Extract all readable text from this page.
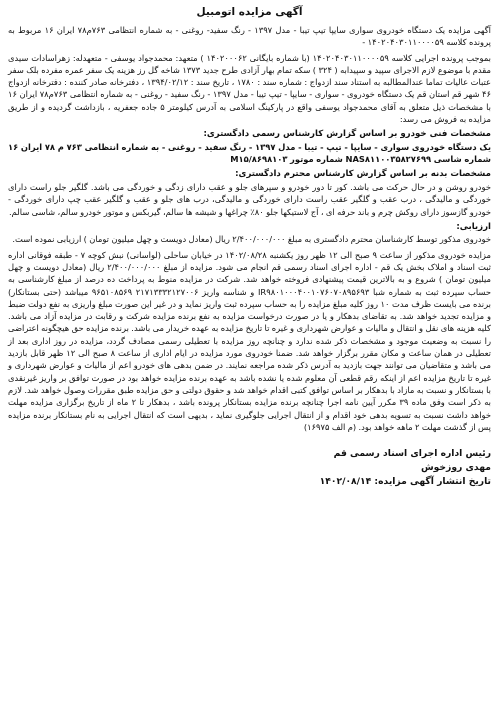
آگهی مزایده اتومبیل

آگهی مزایده یک دستگاه خودروی سواری سایپا تیپ تیبا - مدل ۱۳۹۷ - رنگ سفید- روغنی - به شماره انتظامی ۷۶۳م۷۸ ایران ۱۶ مربوط به پرونده کلاسه ۱۴۰۲۰۴۰۳۰۱۱۰۰۰۰۵۹ -

بموجب پرونده اجرایی کلاسه ۱۴۰۲۰۴۰۳۰۱۱۰۰۰۰۵۹ (با شماره بایگانی ۱۴۰۲۰۰۰۶۲ ) متعهد: محمدجواد یوسفی - متعهدله: زهراسادات سیدی مقدم با موضوع لازم الاجرای سپید و سپیدابه ( ۳۲۴ ) سکه تمام بهار آزادی طرح جدید ۱۳۷۳ شاخه گل رز هزینه یک سفر عمره مفرده بلک سفر عتبات عالیات تماما عندالمطالبه به استناد سند ازدواج : شماره سند : ۱۷۸۰ ، تاریخ سند : ۱۳۹۴/۰۲/۱۲ ، دفترخانه صادر کننده : دفترخانه ازدواج ۴۶ شهر قم استان قم یک دستگاه خودروی - سواری - سایپا - تیپ تیبا - مدل ۱۳۹۷ - رنگ سفید - روغنی - به شماره انتظامی ۷۶۳م۷۸ ایران ۱۶ با مشخصات ذیل متعلق به آقای محمدجواد یوسفی واقع در پارکینگ اسلامی به آدرس کیلومتر ۵ جاده جعفریه ، بازداشت گردیده و از طریق مزایده به فروش می رسد:

مشخصات فنی خودرو بر اساس گزارش کارشناس رسمی دادگستری:

یک دستگاه خودروی سواری - سایپا - تیپ - تیبا - مدل ۱۳۹۷ - رنگ سفید - روغنی - به شماره انتظامی ۷۶۳ م ۷۸ ایران ۱۶ شماره شاسی NAS۸۱۱۰۰۳۵۸۲۷۶۹۹ شماره موتور M۱۵/۸۶۹۸۱۰۳

مشخصات بدنه بر اساس گزارش کارشناس محترم دادگستری:

خودرو روشن و در حال حرکت می باشد. کور تا دور خودرو و سپرهای جلو و عقب دارای زدگی و خوردگی می باشد. گلگیر جلو راست دارای خوردگی و مالیدگی ، درب عقب و گلگیر عقب راست دارای خوردگی و مالیدگی، درب های جلو و عقب و گلگیر عقب چپ دارای خوردگی - خودرو گازسوز دارای روکش چرم و باند حرفه ای ، آج لاستیکها جلو ۸۰٪ چراغها و شیشه ها سالم، گیربکس و موتور خودرو سالم، شاسی سالم.

ارزیابی:

خودروی مذکور توسط کارشناسان محترم دادگستری به مبلغ ۲/۴۰۰/۰۰۰/۰۰۰ ریال (معادل دویست و چهل میلیون تومان ) ارزیابی نموده است.

مزایده خودروی مذکور از ساعت ۹ صبح الی ۱۲ ظهر روز یکشنبه ۱۴۰۲/۰۸/۲۸ در خیابان ساحلی (لواسانی) نبش کوچه ۷ - طبقه فوقانی اداره ثبت اسناد و املاک بخش یک قم - اداره اجرای اسناد رسمی قم انجام می شود. مزایده از مبلغ ۲/۴۰۰/۰۰۰/۰۰۰ ریال (معادل دویست و چهل میلیون تومان ) شروع و به بالاترین قیمت پیشنهادی فروخته خواهد شد. شرکت در مزایده منوط به پرداخت ده درصد از مبلغ کارشناسی به حساب سپرده ثبت به شماره شبا IR۹۸۰۱۰۰۰۴۰۰۱۰۷۶۰۷۰۸۹۵۶۹۳ و شناسه واریز ۲۱۷۱۳۳۳۲۱۲۷۰۰۶ ۹۶۵۱۰۸۵۶۹ میباشد (حتی بستانکار) برنده می بایست ظرف مدت ۱۰ روز کلیه مبلغ مزایده را به حساب سپرده ثبت واریز نماید و در غیر این صورت مبلغ واریزی به نفع دولت ضبط و مزایده تجدید خواهد شد. به تقاضای بدهکار و یا در صورت درخواست مزایده به نفع برنده مزایده شرکت و رقابت در مزایده آزاد می باشد. کلیه هزینه های نقل و انتقال و مالیات و عوارض شهرداری و غیره تا تاریخ مزایده به عهده خریدار می باشد. برنده مزایده حق هیچگونه اعتراضی را نسبت به وضعیت موجود و مشخصات ذکر شده ندارد و چنانچه روز مزایده با تعطیلی رسمی مصادف گردد، مزایده در روز اداری بعد از تعطیلی در همان ساعت و مکان مقرر برگزار خواهد شد. ضمنا خودروی مورد مزایده در ایام اداری از ساعت ۸ صبح الی ۱۲ ظهر قابل بازدید می باشد و متقاضیان می توانند جهت بازدید به آدرس ذکر شده مراجعه نمایند. در ضمن بدهی های خودرو اعم از مالیات و عوارض شهرداری و غیره تا تاریخ مزایده اعم از اینکه رقم قطعی آن معلوم شده یا نشده باشد به عهده برنده مزایده خواهد بود در صورت توافق بر واریز غیرنقدی با بستانکار و نسبت به مازاد با بدهکار بر اساس توافق کتبی اقدام خواهد شد و حقوق دولتی و حق مزایده طبق مقررات وصول خواهد شد. لازم به ذکر است وفق ماده ۳۹ مکرر آیین نامه اجرا چنانچه برنده مزایده بستانکار پرونده باشد ، بدهکار تا ۲ ماه از تاریخ برگزاری مزایده مهلت خواهد داشت نسبت به تسویه بدهی خود اقدام و از انتقال اجرایی جلوگیری نماید ، بدیهی است که انتقال اجرایی به نام بستانکار برنده مزایده پس از گذشت مهلت ۲ ماهه خواهد بود. (م الف ۱۶۹۷۵)

رئیس اداره اجرای اسناد رسمی قم
مهدی روزخوش
تاریخ انتشار آگهی مزایده: ۱۴۰۲/۰۸/۱۴
